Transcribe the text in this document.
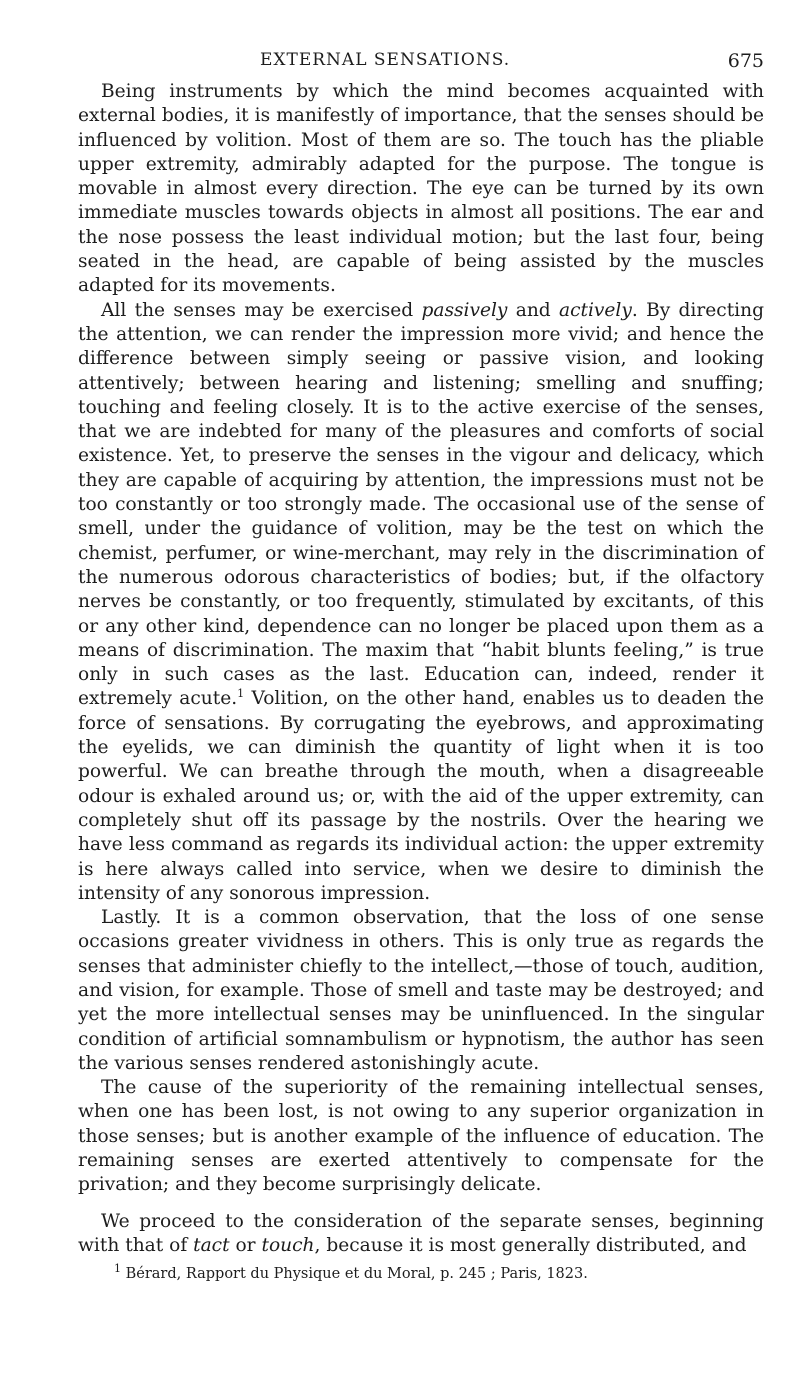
EXTERNAL SENSATIONS.	675

Being instruments by which the mind becomes acquainted with external bodies, it is manifestly of importance, that the senses should be influenced by volition. Most of them are so. The touch has the pliable upper extremity, admirably adapted for the purpose. The tongue is movable in almost every direction. The eye can be turned by its own immediate muscles towards objects in almost all positions. The ear and the nose possess the least individual motion; but the last four, being seated in the head, are capable of being assisted by the muscles adapted for its movements.

All the senses may be exercised passively and actively. By directing the attention, we can render the impression more vivid; and hence the difference between simply seeing or passive vision, and looking attentively; between hearing and listening; smelling and snuffing; touching and feeling closely. It is to the active exercise of the senses, that we are indebted for many of the pleasures and comforts of social existence. Yet, to preserve the senses in the vigour and delicacy, which they are capable of acquiring by attention, the impressions must not be too constantly or too strongly made. The occasional use of the sense of smell, under the guidance of volition, may be the test on which the chemist, perfumer, or wine-merchant, may rely in the discrimination of the numerous odorous characteristics of bodies; but, if the olfactory nerves be constantly, or too frequently, stimulated by excitants, of this or any other kind, dependence can no longer be placed upon them as a means of discrimination. The maxim that “habit blunts feeling,” is true only in such cases as the last. Education can, indeed, render it extremely acute.$^1$ Volition, on the other hand, enables us to deaden the force of sensations. By corrugating the eyebrows, and approximating the eyelids, we can diminish the quantity of light when it is too powerful. We can breathe through the mouth, when a disagreeable odour is exhaled around us; or, with the aid of the upper extremity, can completely shut off its passage by the nostrils. Over the hearing we have less command as regards its individual action: the upper extremity is here always called into service, when we desire to diminish the intensity of any sonorous impression.

Lastly. It is a common observation, that the loss of one sense occasions greater vividness in others. This is only true as regards the senses that administer chiefly to the intellect,—those of touch, audition, and vision, for example. Those of smell and taste may be destroyed; and yet the more intellectual senses may be uninfluenced. In the singular condition of artificial somnambulism or hypnotism, the author has seen the various senses rendered astonishingly acute.

The cause of the superiority of the remaining intellectual senses, when one has been lost, is not owing to any superior organization in those senses; but is another example of the influence of education. The remaining senses are exerted attentively to compensate for the privation; and they become surprisingly delicate.

We proceed to the consideration of the separate senses, beginning with that of tact or touch, because it is most generally distributed, and

$^1$ Bérard, Rapport du Physique et du Moral, p. 245 ; Paris, 1823.
